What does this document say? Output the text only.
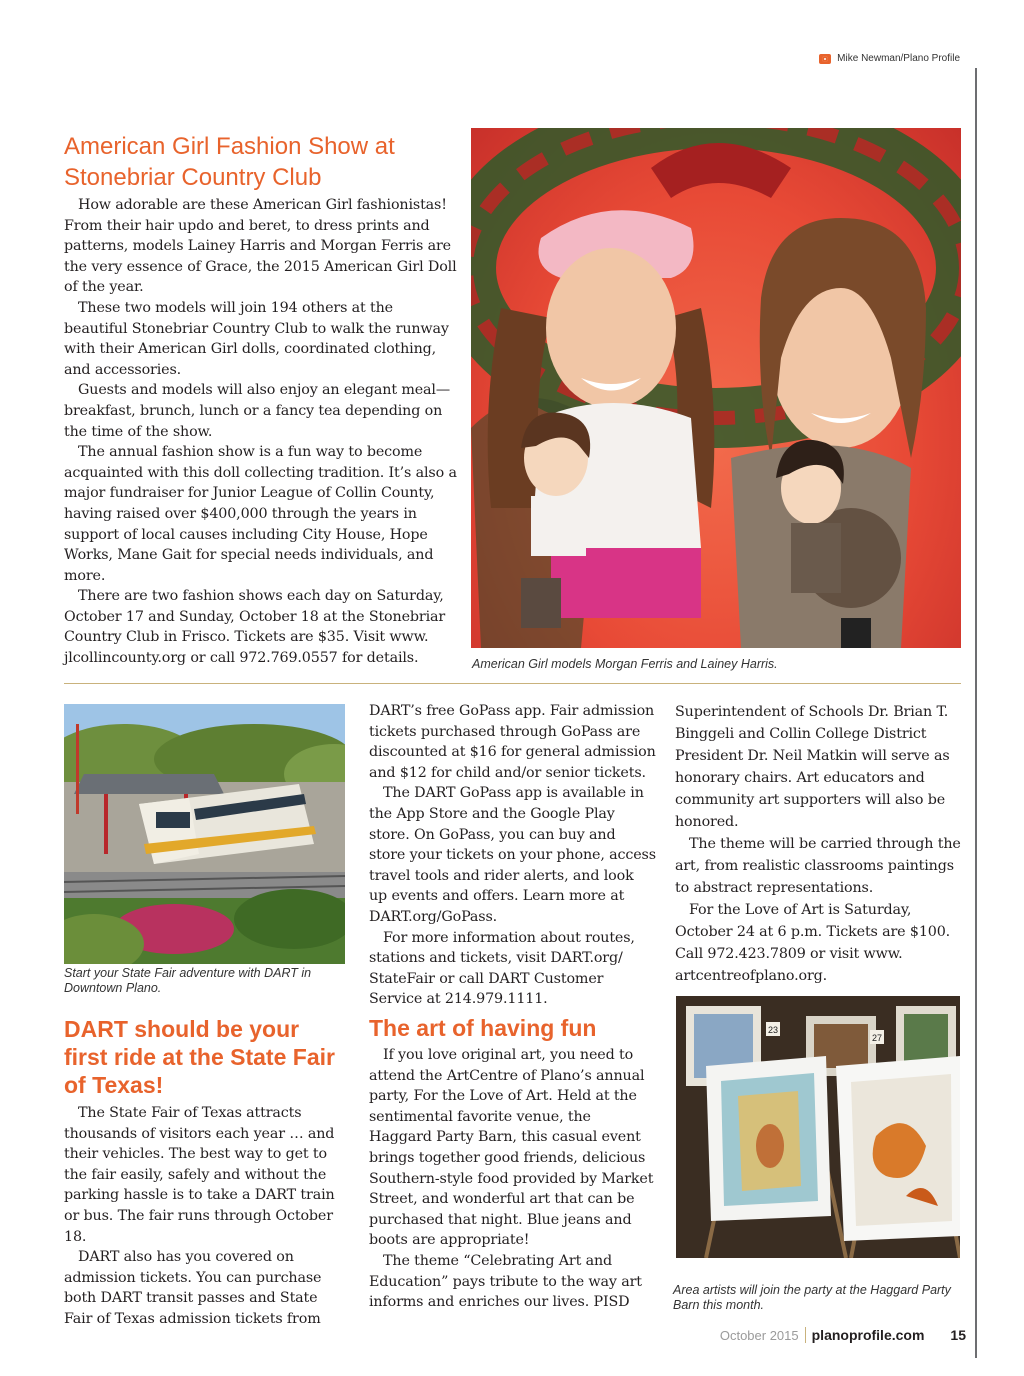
Mike Newman/Plano Profile
American Girl Fashion Show at Stonebriar Country Club

How adorable are these American Girl fashionistas! From their hair updo and beret, to dress prints and patterns, models Lainey Harris and Morgan Ferris are the very essence of Grace, the 2015 American Girl Doll of the year.

These two models will join 194 others at the beautiful Stonebriar Country Club to walk the runway with their American Girl dolls, coordinated clothing, and accessories.

Guests and models will also enjoy an elegant meal— breakfast, brunch, lunch or a fancy tea depending on the time of the show.

The annual fashion show is a fun way to become acquainted with this doll collecting tradition. It’s also a major fundraiser for Junior League of Collin County, having raised over $400,000 through the years in support of local causes including City House, Hope Works, Mane Gait for special needs individuals, and more.

There are two fashion shows each day on Saturday, October 17 and Sunday, October 18 at the Stonebriar Country Club in Frisco. Tickets are $35. Visit www. jlcollincounty.org or call 972.769.0557 for details.	American Girl models Morgan Ferris and Lainey Harris.
Start your State Fair adventure with DART in Downtown Plano.
DART should be your first ride at the State Fair of Texas!

The State Fair of Texas attracts thousands of visitors each year … and their vehicles. The best way to get to the fair easily, safely and without the parking hassle is to take a DART train or bus. The fair runs through October 18.

DART also has you covered on admission tickets. You can purchase both DART transit passes and State Fair of Texas admission tickets from

DART’s free GoPass app. Fair admission tickets purchased through GoPass are discounted at $16 for general admission and $12 for child and/or senior tickets.

The DART GoPass app is available in the App Store and the Google Play store. On GoPass, you can buy and store your tickets on your phone, access travel tools and rider alerts, and look up events and offers. Learn more at DART.org/GoPass.

For more information about routes, stations and tickets, visit DART.org/ StateFair or call DART Customer Service at 214.979.1111.

The art of having fun

If you love original art, you need to attend the ArtCentre of Plano’s annual party, For the Love of Art. Held at the sentimental favorite venue, the Haggard Party Barn, this casual event brings together good friends, delicious Southern-style food provided by Market Street, and wonderful art that can be purchased that night. Blue jeans and boots are appropriate!

The theme “Celebrating Art and Education” pays tribute to the way art informs and enriches our lives. PISD

Superintendent of Schools Dr. Brian T. Binggeli and Collin College District President Dr. Neil Matkin will serve as honorary chairs. Art educators and community art supporters will also be honored.

The theme will be carried through the art, from realistic classrooms paintings to abstract representations.

For the Love of Art is Saturday, October 24 at 6 p.m. Tickets are $100. Call 972.423.7809 or visit www. artcentreofplano.org.

23
27
Area artists will join the party at the Haggard Party Barn this month.
October 2015 planoprofile.com 15
